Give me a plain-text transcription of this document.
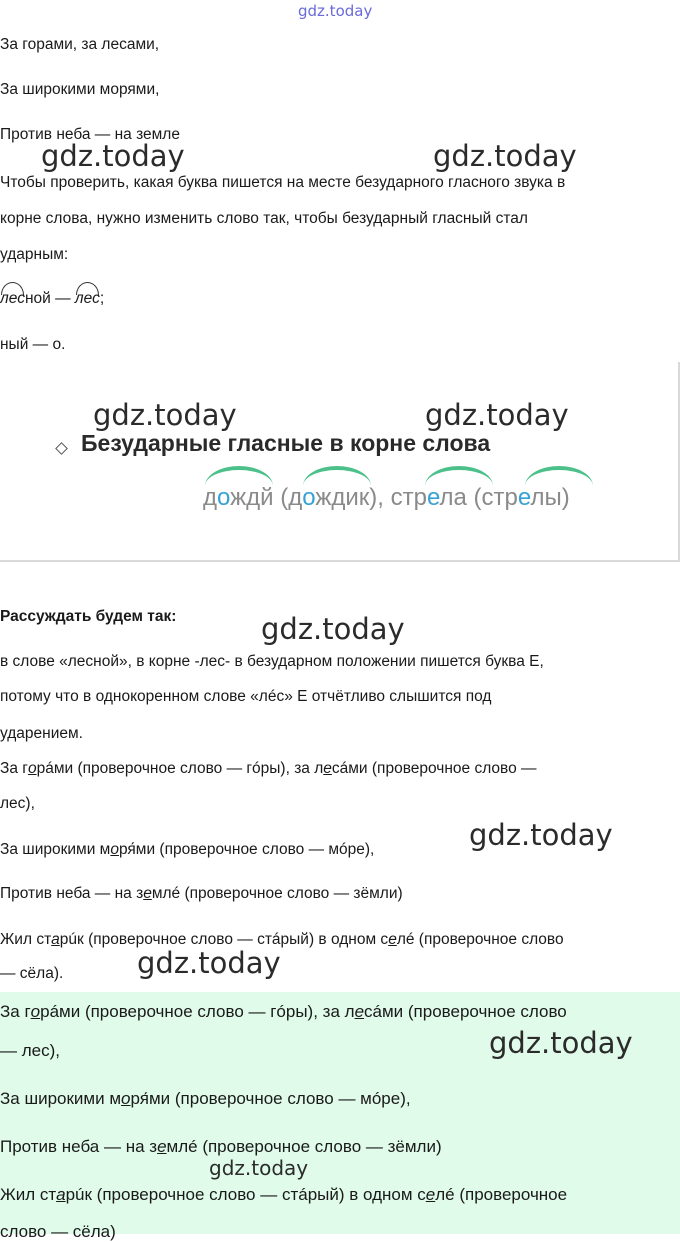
gdz.today
За горами, за лесами,
За широкими морями,
Против неба — на земле
gdz.today	gdz.today
Чтобы проверить, какая буква пишется на месте безударного гласного звука в
корне слова, нужно изменить слово так, чтобы безударный гласный стал
ударным:
лесной —
лес;
ный — о.
gdz.today	gdz.today
Безударные гласные в корне слова
дождй (дождик), стрела (стрелы)
Рассуждать будем так:	gdz.today
в слове «лесной», в корне -лес- в безударном положении пишется буква Е,
потому что в однокоренном слове «лéс» Е отчётливо слышится под
ударением.
За горáми (проверочное слово — гóры), за лесáми (проверочное слово —
лес),
За широкими моря́ми (проверочное слово — мóре),	gdz.today
Против неба — на землé (проверочное слово — зёмли)
Жил старúк (проверочное слово — стáрый) в одном селé (проверочное слово
— сёла).	gdz.today
За горáми (проверочное слово — гóры), за лесáми (проверочное слово
— лес),	gdz.today
За широкими моря́ми (проверочное слово — мóре),
Против неба — на землé (проверочное слово — зёмли)
gdz.today
Жил старúк (проверочное слово — стáрый) в одном селé (проверочное
слово — сёла)
